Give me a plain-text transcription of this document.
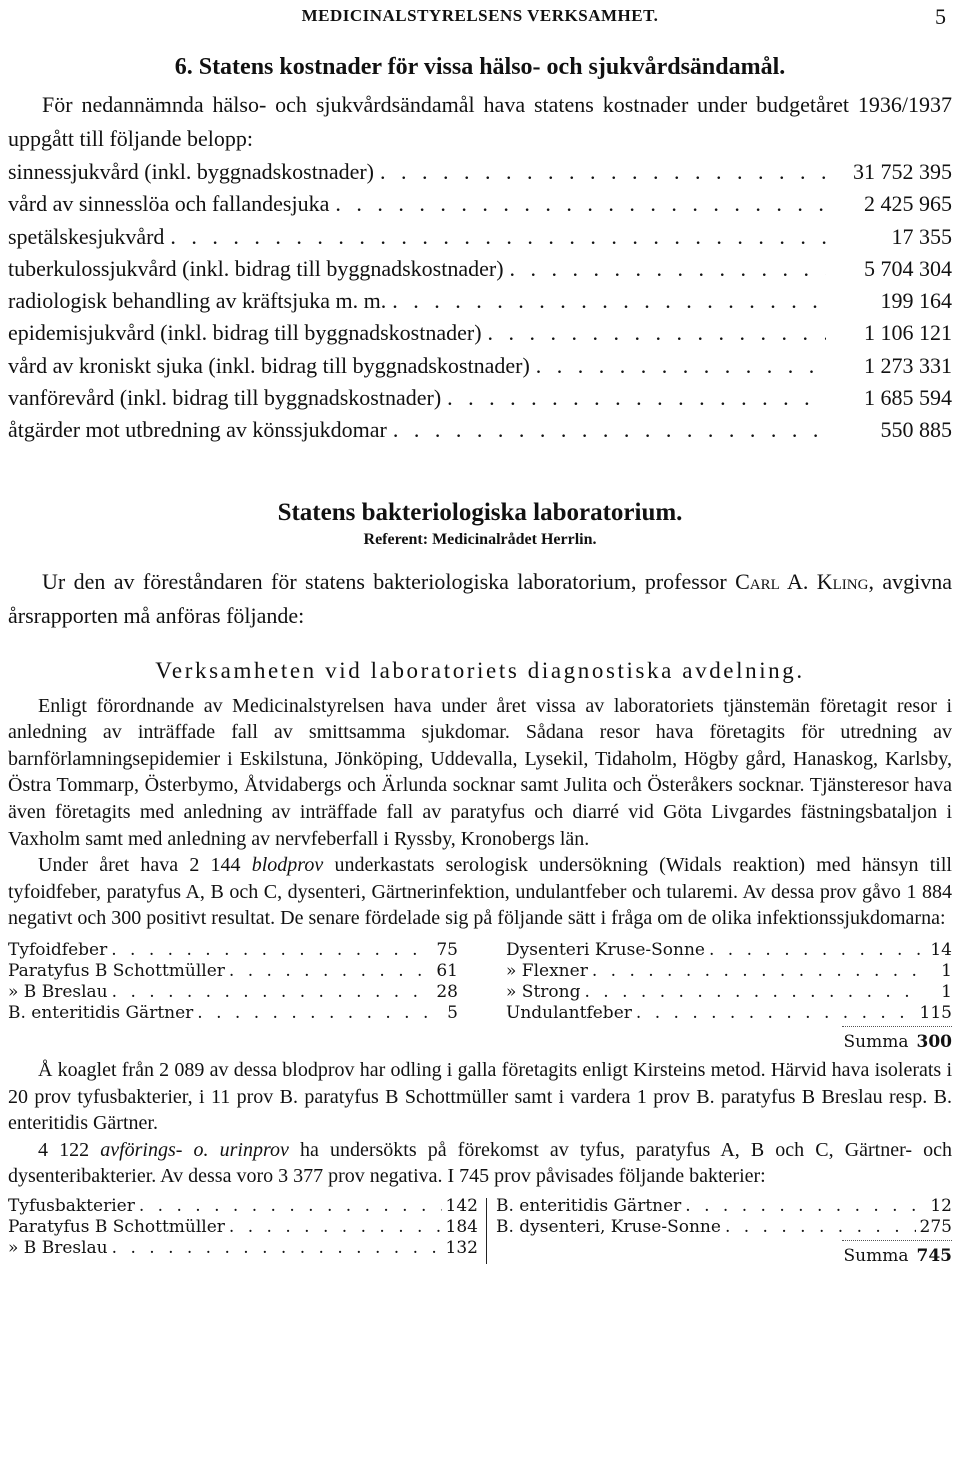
MEDICINALSTYRELSENS VERKSAMHET.	5
6. Statens kostnader för vissa hälso- och sjukvårdsändamål.
För nedannämnda hälso- och sjukvårdsändamål hava statens kostnader under budgetåret 1936/1937 uppgått till följande belopp:
sinnessjukvård (inkl. byggnadskostnader) . . .	31 752 395
vård av sinnesslöa och fallandesjuka . . .	2 425 965
spetälskesjukvård . . .	17 355
tuberkulossjukvård (inkl. bidrag till byggnadskostnader) . . .	5 704 304
radiologisk behandling av kräftsjuka m. m. . . .	199 164
epidemisjukvård (inkl. bidrag till byggnadskostnader) . . .	1 106 121
vård av kroniskt sjuka (inkl. bidrag till byggnadskostnader) . . .	1 273 331
vanförevård (inkl. bidrag till byggnadskostnader) . . .	1 685 594
åtgärder mot utbredning av könssjukdomar . . .	550 885
Statens bakteriologiska laboratorium.
Referent: Medicinalrådet Herrlin.
Ur den av föreståndaren för statens bakteriologiska laboratorium, professor Carl A. Kling, avgivna årsrapporten må anföras följande:
Verksamheten vid laboratoriets diagnostiska avdelning.
Enligt förordnande av Medicinalstyrelsen hava under året vissa av laboratoriets tjänstemän företagit resor i anledning av inträffade fall av smittsamma sjukdomar. Sådana resor hava företagits för utredning av barnförlamningsepidemier i Eskilstuna, Jönköping, Uddevalla, Lysekil, Tidaholm, Högby gård, Hanaskog, Karlsby, Östra Tommarp, Österbymo, Åtvidabergs och Ärlunda socknar samt Julita och Österåkers socknar. Tjänsteresor hava även företagits med anledning av inträffade fall av paratyfus och diarré vid Göta Livgardes fästningsbataljon i Vaxholm samt med anledning av nervfeberfall i Ryssby, Kronobergs län.
Under året hava 2 144 blodprov underkastats serologisk undersökning (Widals reaktion) med hänsyn till tyfoidfeber, paratyfus A, B och C, dysenteri, Gärtnerinfektion, undulantfeber och tularemi. Av dessa prov gåvo 1 884 negativt och 300 positivt resultat. De senare fördelade sig på följande sätt i fråga om de olika infektionssjukdomarna:
Tyfoidfeber . . .	75
Paratyfus B Schottmüller . . .	61
» B Breslau . . .	28
B. enteritidis Gärtner . . .	5
Dysenteri Kruse-Sonne . . .	14
» Flexner . . .	1
» Strong . . .	1
Undulantfeber . . .	115
Summa 300
Å koaglet från 2 089 av dessa blodprov har odling i galla företagits enligt Kirsteins metod. Härvid hava isolerats i 20 prov tyfusbakterier, i 11 prov B. paratyfus B Schottmüller samt i vardera 1 prov B. paratyfus B Breslau resp. B. enteritidis Gärtner.
4 122 avförings- o. urinprov ha undersökts på förekomst av tyfus, paratyfus A, B och C, Gärtner- och dysenteribakterier. Av dessa voro 3 377 prov negativa. I 745 prov påvisades följande bakterier:
Tyfusbakterier . . .	142
Paratyfus B Schottmüller . . .	184
» B Breslau . . .	132
B. enteritidis Gärtner . . .	12
B. dysenteri, Kruse-Sonne . . .	275
Summa 745
